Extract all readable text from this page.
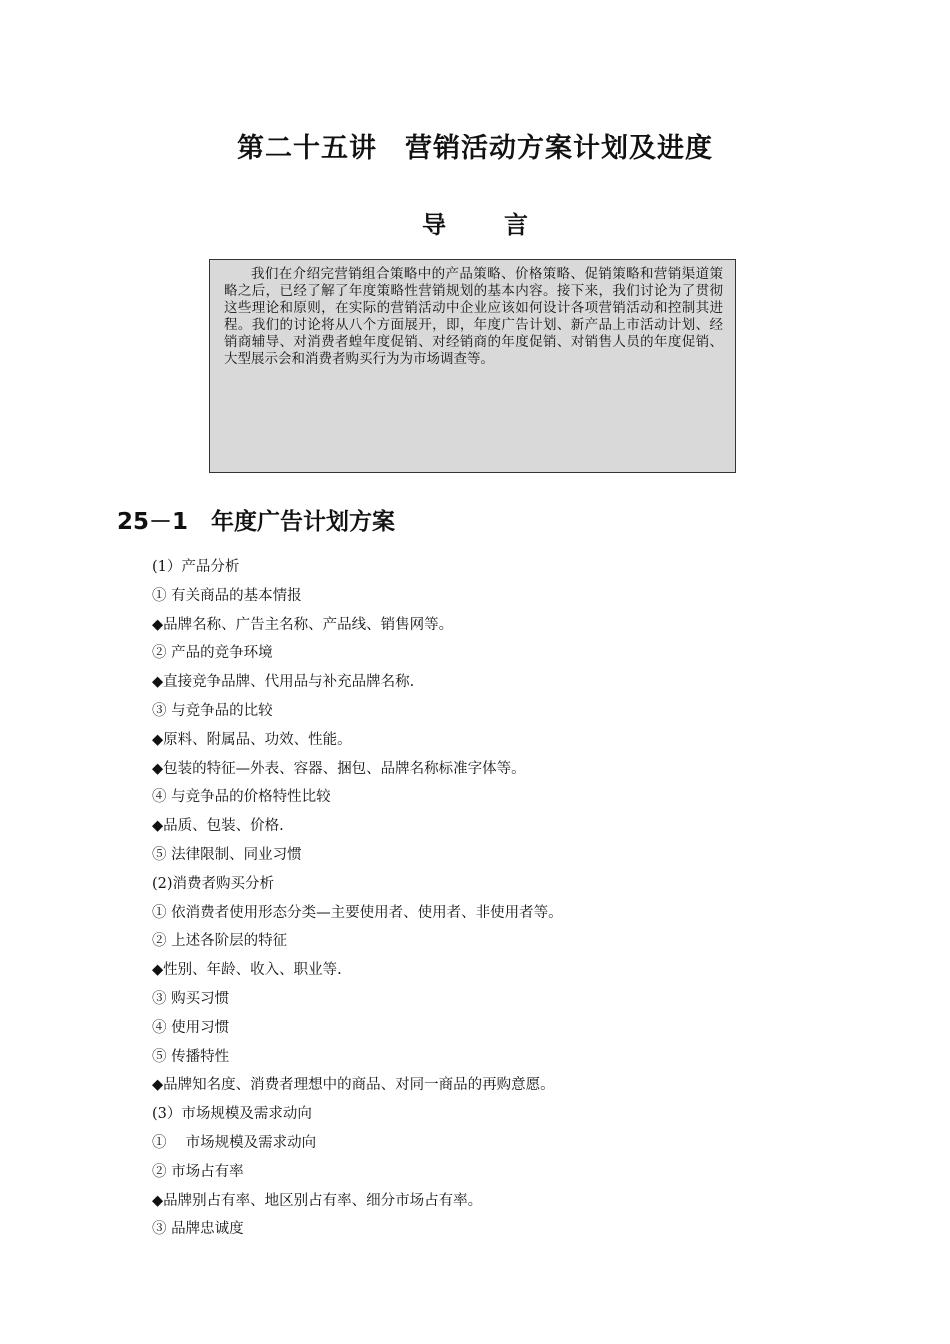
第二十五讲　营销活动方案计划及进度
导言
我们在介绍完营销组合策略中的产品策略、价格策略、促销策略和营销渠道策略之后，已经了解了年度策略性营销规划的基本内容。接下来，我们讨论为了贯彻这些理论和原则，在实际的营销活动中企业应该如何设计各项营销活动和控制其进程。我们的讨论将从八个方面展开，即，年度广告计划、新产品上市活动计划、经销商辅导、对消费者蝗年度促销、对经销商的年度促销、对销售人员的年度促销、大型展示会和消费者购买行为为市场调查等。
25－1　年度广告计划方案
(1）产品分析
① 有关商品的基本情报
◆品牌名称、广告主名称、产品线、销售网等。
② 产品的竞争环境
◆直接竞争品牌、代用品与补充品牌名称.
③ 与竞争品的比较
◆原料、附属品、功效、性能。
◆包装的特征—外表、容器、捆包、品牌名称标准字体等。
④ 与竞争品的价格特性比较
◆品质、包装、价格.
⑤ 法律限制、同业习惯
(2)消费者购买分析
① 依消费者使用形态分类—主要使用者、使用者、非使用者等。
② 上述各阶层的特征
◆性别、年龄、收入、职业等.
③ 购买习惯
④ 使用习惯
⑤ 传播特性
◆品牌知名度、消费者理想中的商品、对同一商品的再购意愿。
(3）市场规模及需求动向
①　 市场规模及需求动向
② 市场占有率
◆品牌别占有率、地区别占有率、细分市场占有率。
③ 品牌忠诚度
